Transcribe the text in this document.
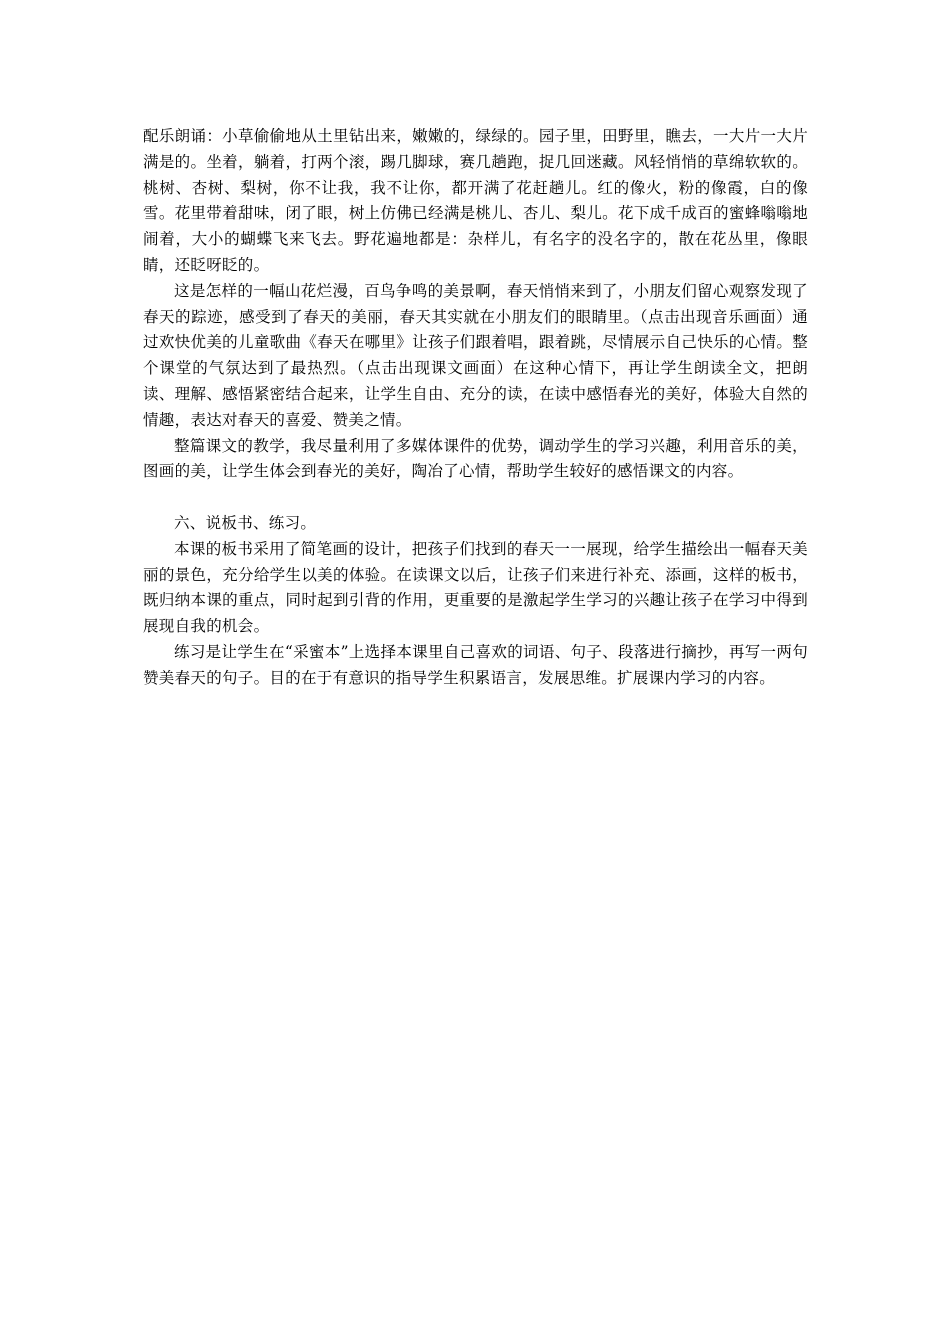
配乐朗诵：小草偷偷地从土里钻出来，嫩嫩的，绿绿的。园子里，田野里，瞧去，一大片一大片满是的。坐着，躺着，打两个滚，踢几脚球，赛几趟跑，捉几回迷藏。风轻悄悄的草绵软软的。桃树、杏树、梨树，你不让我，我不让你，都开满了花赶趟儿。红的像火，粉的像霞，白的像雪。花里带着甜味，闭了眼，树上仿佛已经满是桃儿、杏儿、梨儿。花下成千成百的蜜蜂嗡嗡地闹着，大小的蝴蝶飞来飞去。野花遍地都是：杂样儿，有名字的没名字的，散在花丛里，像眼睛，还眨呀眨的。

这是怎样的一幅山花烂漫，百鸟争鸣的美景啊，春天悄悄来到了，小朋友们留心观察发现了春天的踪迹，感受到了春天的美丽，春天其实就在小朋友们的眼睛里。（点击出现音乐画面）通过欢快优美的儿童歌曲《春天在哪里》让孩子们跟着唱，跟着跳，尽情展示自己快乐的心情。整个课堂的气氛达到了最热烈。（点击出现课文画面）在这种心情下，再让学生朗读全文，把朗读、理解、感悟紧密结合起来，让学生自由、充分的读，在读中感悟春光的美好，体验大自然的情趣，表达对春天的喜爱、赞美之情。

整篇课文的教学，我尽量利用了多媒体课件的优势，调动学生的学习兴趣，利用音乐的美，图画的美，让学生体会到春光的美好，陶冶了心情，帮助学生较好的感悟课文的内容。

六、说板书、练习。

本课的板书采用了简笔画的设计，把孩子们找到的春天一一展现，给学生描绘出一幅春天美丽的景色，充分给学生以美的体验。在读课文以后，让孩子们来进行补充、添画，这样的板书，既归纳本课的重点，同时起到引背的作用，更重要的是激起学生学习的兴趣让孩子在学习中得到展现自我的机会。

练习是让学生在“采蜜本”上选择本课里自己喜欢的词语、句子、段落进行摘抄，再写一两句赞美春天的句子。目的在于有意识的指导学生积累语言，发展思维。扩展课内学习的内容。
